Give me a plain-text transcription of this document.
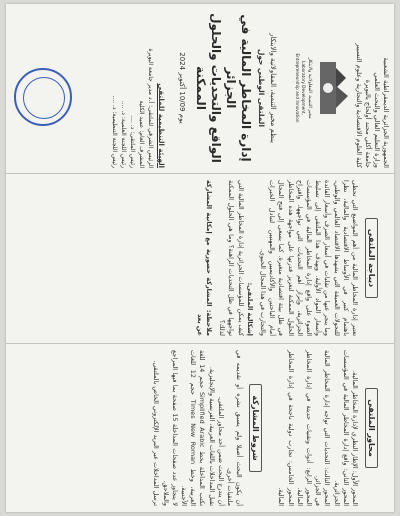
الجمهورية الجزائرية الديمقراطية الشعبية

وزارة التعليم العالي والبحث العلمي

جامعة أكلي محند أولحاج بالبويرة

كلية العلوم الاقتصادية والتجارية وعلوم التسيير

مخبر التنمية، المقاولاتية والابتكار

Laboratory Development, Entrepreneurship and Innovation

ينظم مخبر التنمية، المقاولاتية والابتكار

الملتقى الوطني حول

إدارة المخاطر المالية في الجزائر

الواقع والتحديات والحلول الممكنة

يوم 10/09 أكتوبر 2024

الهيئة التنظيمية للملتقى

الرئيس الشرفي للملتقى: أ.د مدير جامعة البويرة

المشرف العام: عميد الكلية

رئيس الملتقى: د. ....

رئيس اللجنة العلمية: د. ....

رئيس اللجنة التنظيمية: د. ....

ديباجة الملتقى

تعتبر إدارة المخاطر المالية من أهم المواضيع التي تحظى باهتمام كبير في الأوساط الاقتصادية والمالية، نظرا للتحولات العميقة التي يشهدها الاقتصاد العالمي والوطني، وما ينجر عنها من تقلبات في أسعار الصرف وأسعار الفائدة وأسعار المواد الأولية. ويهدف هذا الملتقى إلى تسليط الضوء على واقع إدارة المخاطر المالية في المؤسسات الجزائرية، وإبراز أهم التحديات التي تواجهها، واقتراح الحلول الممكنة لتعزيز قدرتها على مواجهة هذه المخاطر في ظل بيئة اقتصادية متغيرة. كما يسعى إلى فتح المجال أمام الباحثين والأكاديميين والمهنيين لتبادل الخبرات والتجارب في هذا المجال الحيوي.

إشكالية الملتقى:

كيف يمكن للمؤسسات الجزائرية إدارة المخاطر المالية التي تواجهها في ظل التحديات الراهنة؟ وما هي الحلول الممكنة لذلك؟

ملاحظة: المشاركة حضورية مع إمكانية المشاركة عن بعد

محاور الملتقى

المحور الأول: الإطار النظري لإدارة المخاطر المالية.

المحور الثاني: واقع إدارة المخاطر المالية في المؤسسات الجزائرية.

المحور الثالث: التحديات التي تواجه إدارة المخاطر المالية في الجزائر.

المحور الرابع: أدوات وتقنيات حديثة في إدارة المخاطر المالية.

المحور الخامس: تجارب دولية ناجحة في إدارة المخاطر المالية.

شروط المشاركة

أن يكون البحث أصيلا ولم يسبق نشره أو تقديمه في ملتقيات أخرى.

أن يندرج البحث ضمن أحد محاور الملتقى.

تقبل المداخلات باللغات العربية، الفرنسية والإنجليزية.

تكتب المداخلة بخط Simplified Arabic حجم 14 للغة العربية، وخط Times New Roman حجم 12 للغات الأجنبية.

لا يتجاوز عدد صفحات المداخلة 15 صفحة بما فيها المراجع والملاحق.

ترسل المداخلات عبر البريد الإلكتروني الخاص بالملتقى.
